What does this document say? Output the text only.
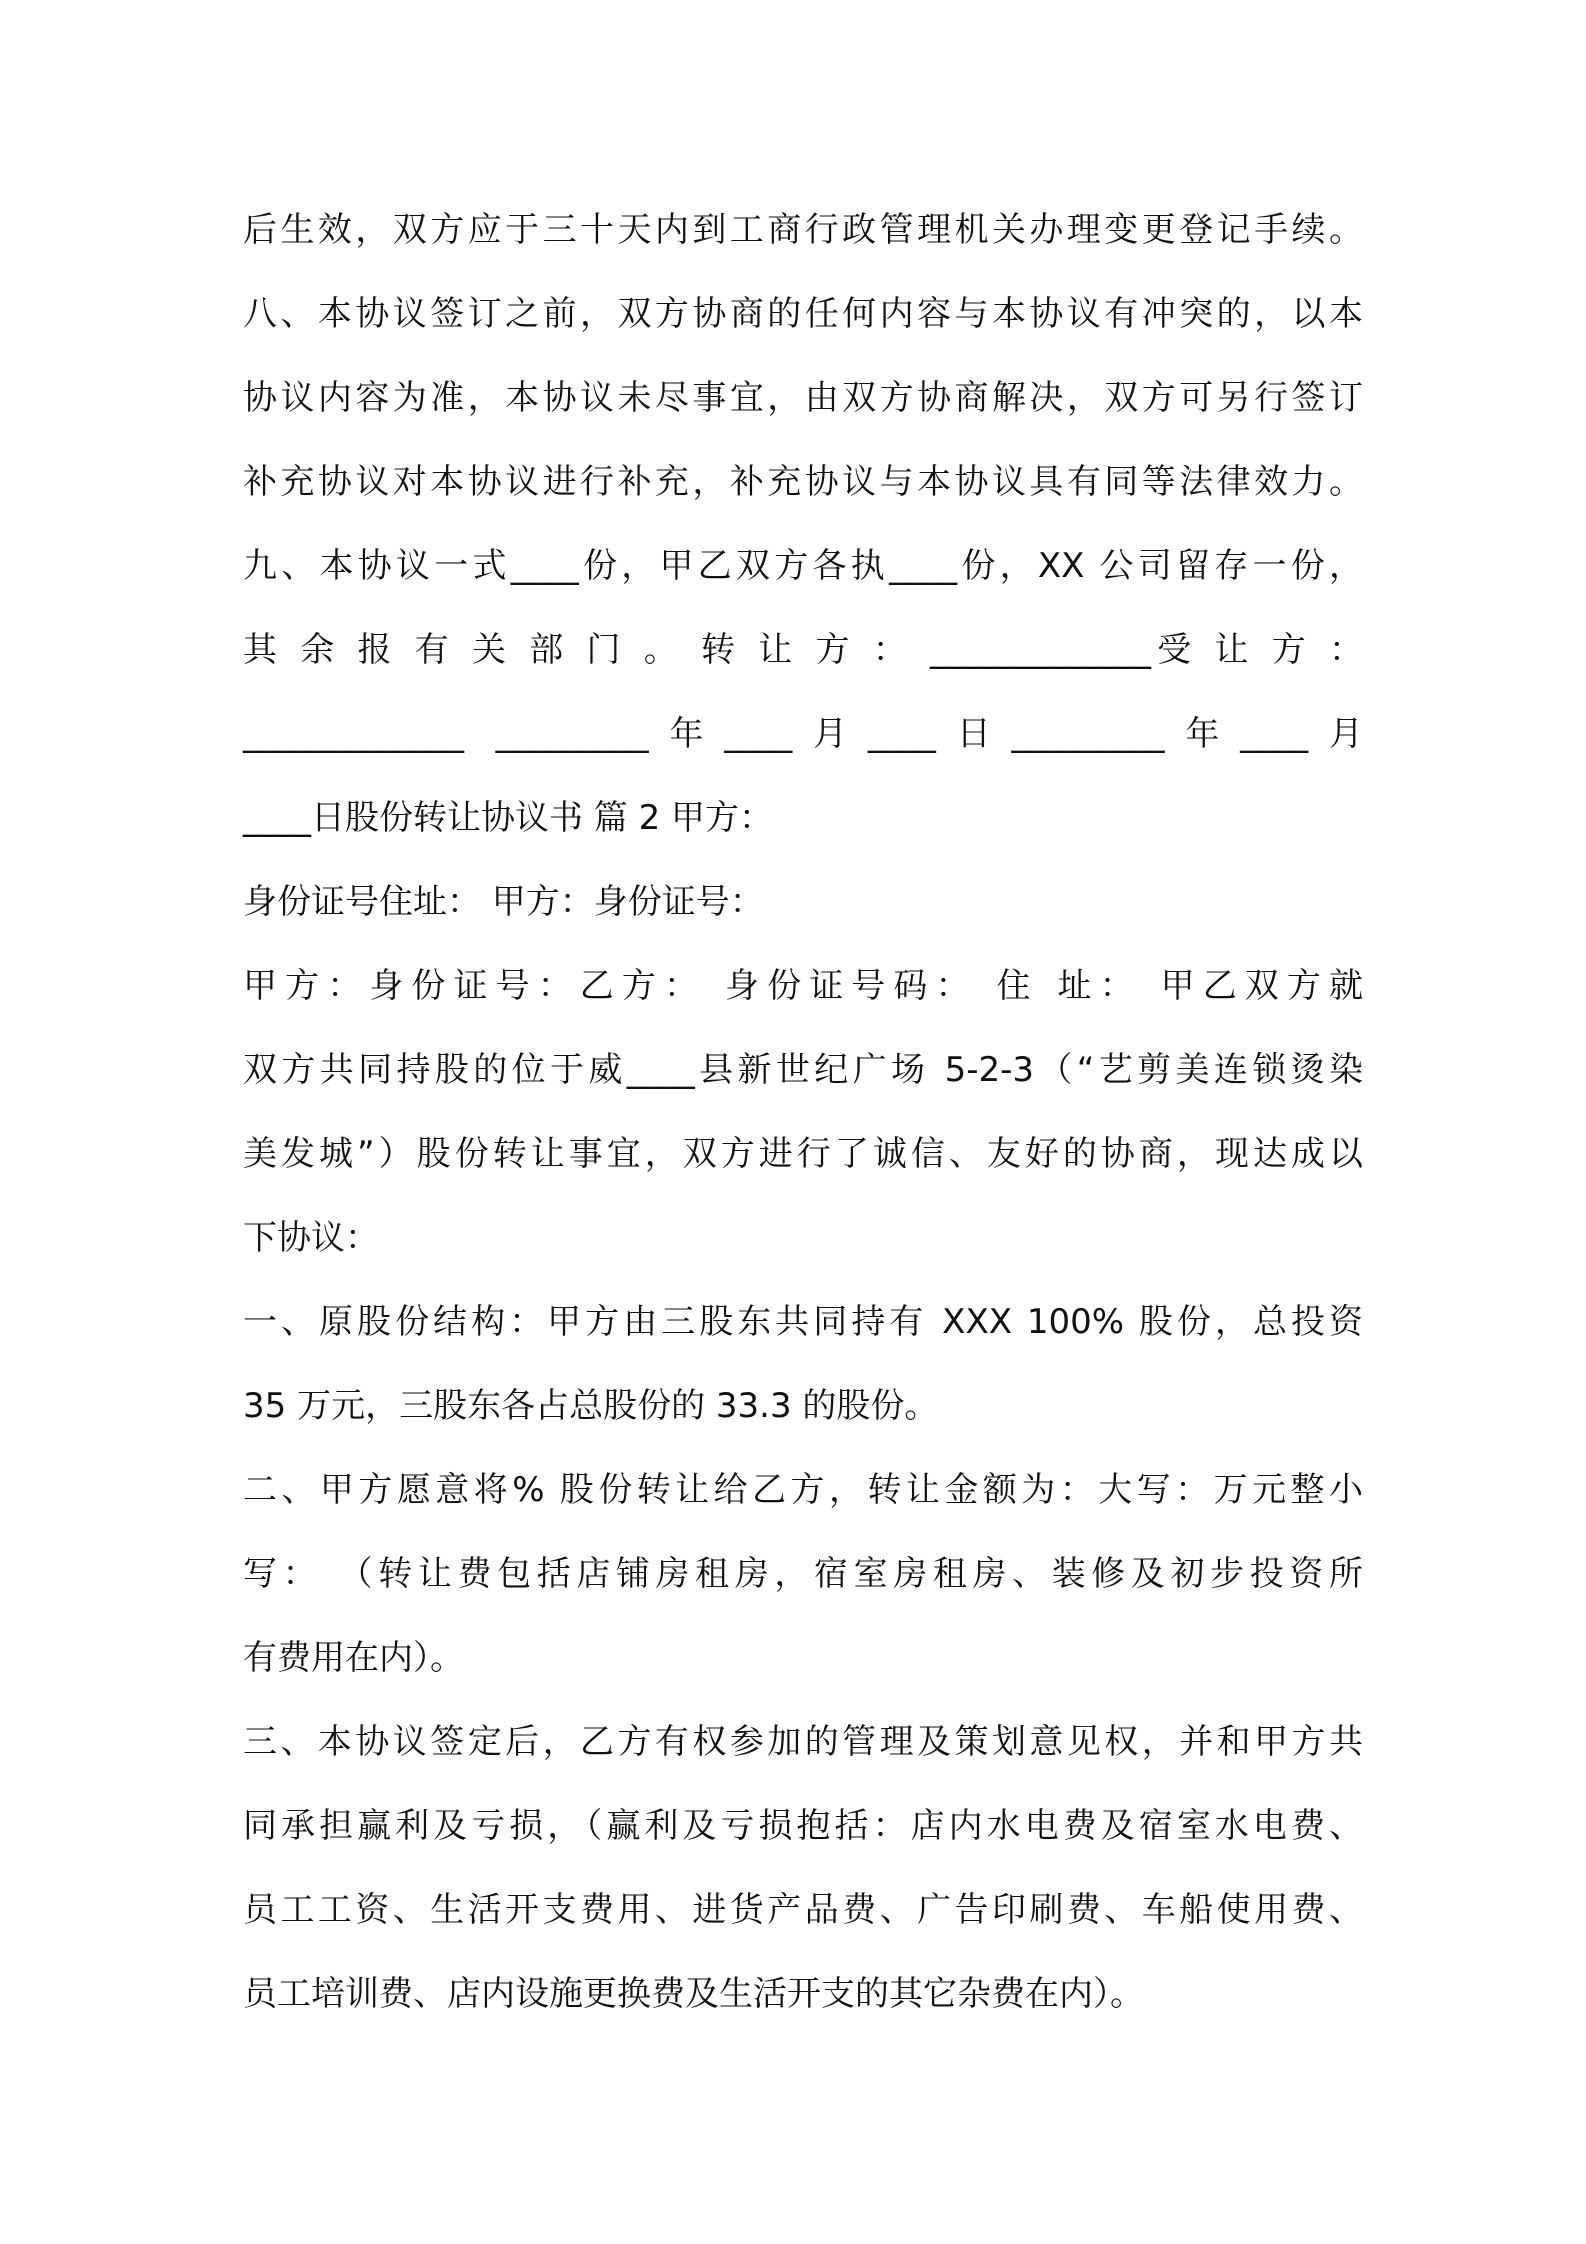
后生效，双方应于三十天内到工商行政管理机关办理变更登记手续。
八、本协议签订之前，双方协商的任何内容与本协议有冲突的，以本
协议内容为准，本协议未尽事宜，由双方协商解决，双方可另行签订
补充协议对本协议进行补充，补充协议与本协议具有同等法律效力。
九、本协议一式____份，甲乙双方各执____份，XX 公司留存一份，
其 余 报 有 关 部 门 。 转 让 方 ： _____________受 让 方 ：
_____________ _________年____月____日_________年____月
____日股份转让协议书 篇 2 甲方：
身份证号住址： 甲方：身份证号：
甲方：身份证号：乙方： 身份证号码： 住 址： 甲乙双方就
双方共同持股的位于威____县新世纪广场 5-2-3（“艺剪美连锁烫染
美发城”）股份转让事宜，双方进行了诚信、友好的协商，现达成以
下协议：
一、原股份结构：甲方由三股东共同持有 XXX 100% 股份，总投资
35 万元，三股东各占总股份的 33.3 的股份。
二、甲方愿意将% 股份转让给乙方，转让金额为：大写：万元整小
写： （转让费包括店铺房租房，宿室房租房、装修及初步投资所
有费用在内）。
三、本协议签定后，乙方有权参加的管理及策划意见权，并和甲方共
同承担赢利及亏损，（赢利及亏损抱括：店内水电费及宿室水电费、
员工工资、生活开支费用、进货产品费、广告印刷费、车船使用费、
员工培训费、店内设施更换费及生活开支的其它杂费在内）。
